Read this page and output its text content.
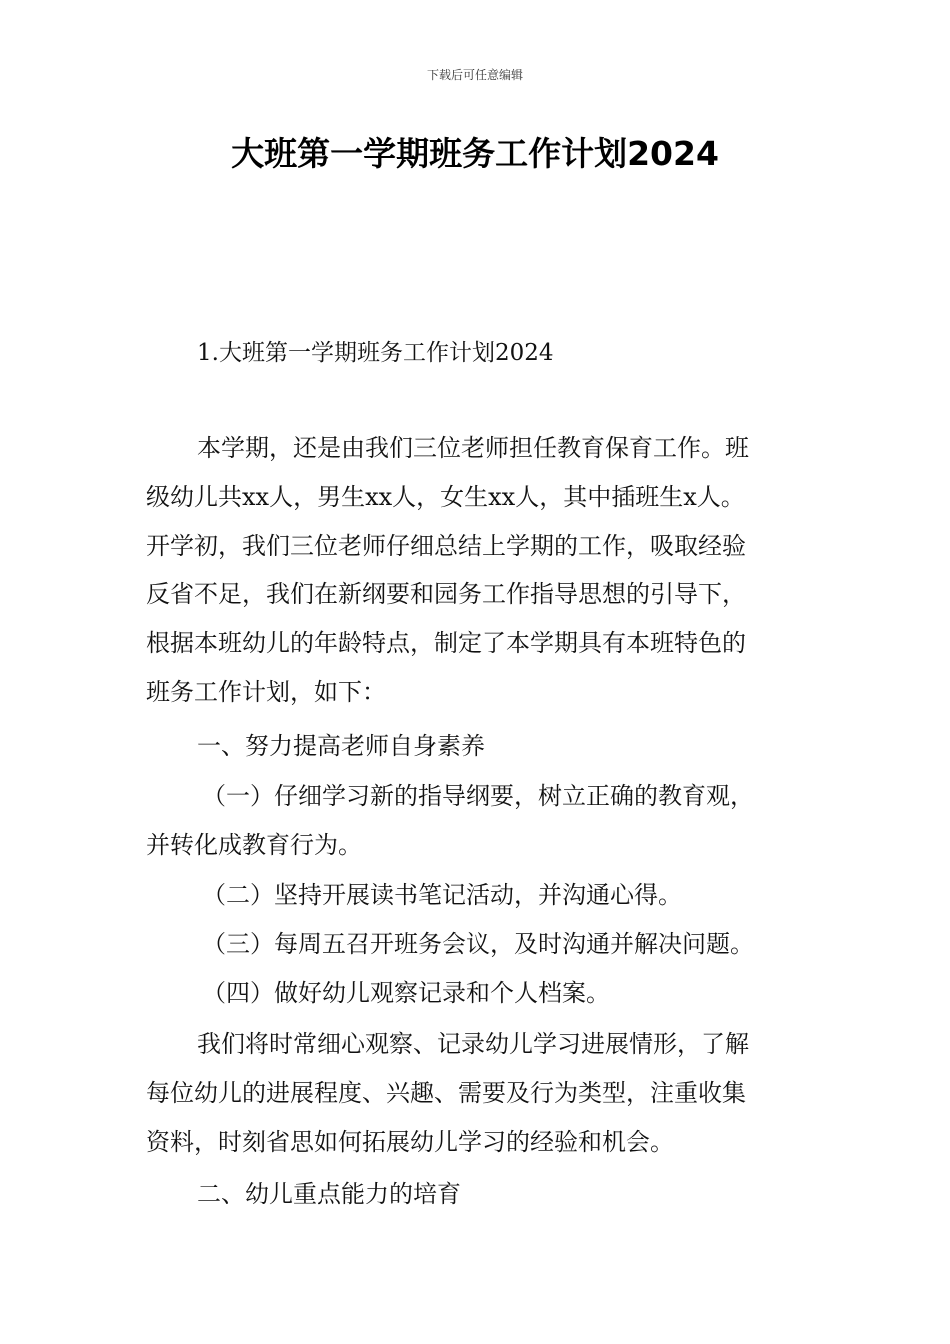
下载后可任意编辑
大班第一学期班务工作计划2024
1.大班第一学期班务工作计划2024
本学期，还是由我们三位老师担任教育保育工作。班
级幼儿共xx人，男生xx人，女生xx人，其中插班生x人。
开学初，我们三位老师仔细总结上学期的工作，吸取经验
反省不足，我们在新纲要和园务工作指导思想的引导下，
根据本班幼儿的年龄特点，制定了本学期具有本班特色的
班务工作计划，如下：
一、努力提高老师自身素养
（一）仔细学习新的指导纲要，树立正确的教育观，
并转化成教育行为。
（二）坚持开展读书笔记活动，并沟通心得。
（三）每周五召开班务会议，及时沟通并解决问题。
（四）做好幼儿观察记录和个人档案。
我们将时常细心观察、记录幼儿学习进展情形，了解
每位幼儿的进展程度、兴趣、需要及行为类型，注重收集
资料，时刻省思如何拓展幼儿学习的经验和机会。
二、幼儿重点能力的培育
